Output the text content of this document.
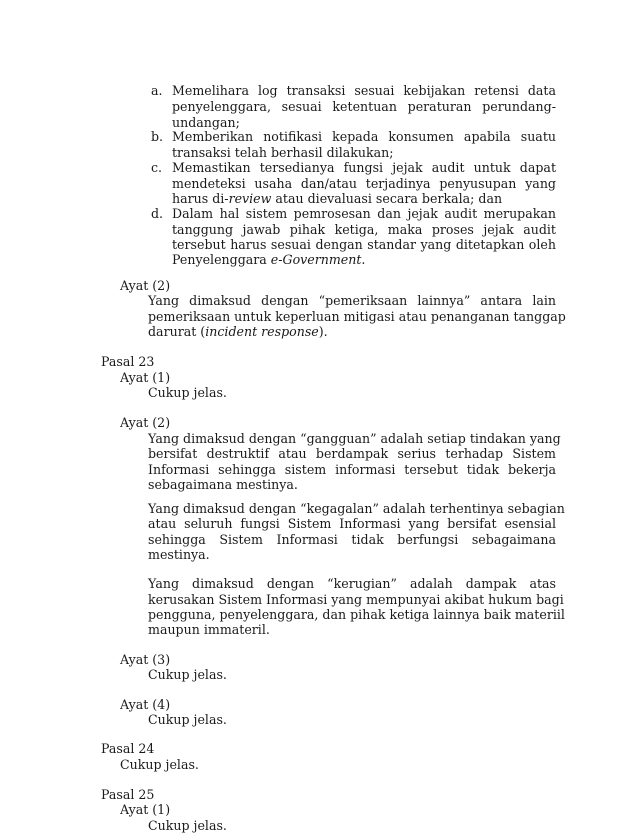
a. Memelihara log transaksi sesuai kebijakan retensi data
penyelenggara, sesuai ketentuan peraturan perundang-
undangan;
b. Memberikan notifikasi kepada konsumen apabila suatu
transaksi telah berhasil dilakukan;
c. Memastikan tersedianya fungsi jejak audit untuk dapat
mendeteksi usaha dan/atau terjadinya penyusupan yang
harus di-review atau dievaluasi secara berkala; dan
d. Dalam hal sistem pemrosesan dan jejak audit merupakan
tanggung jawab pihak ketiga, maka proses jejak audit
tersebut harus sesuai dengan standar yang ditetapkan oleh
Penyelenggara e-Government.
Ayat (2)
Yang dimaksud dengan “pemeriksaan lainnya” antara lain
pemeriksaan untuk keperluan mitigasi atau penanganan tanggap
darurat (incident response).
Pasal 23
Ayat (1)
Cukup jelas.
Ayat (2)
Yang dimaksud dengan “gangguan” adalah setiap tindakan yang
bersifat destruktif atau berdampak serius terhadap Sistem
Informasi sehingga sistem informasi tersebut tidak bekerja
sebagaimana mestinya.
Yang dimaksud dengan “kegagalan” adalah terhentinya sebagian
atau seluruh fungsi Sistem Informasi yang bersifat esensial
sehingga Sistem Informasi tidak berfungsi sebagaimana
mestinya.
Yang dimaksud dengan “kerugian” adalah dampak atas
kerusakan Sistem Informasi yang mempunyai akibat hukum bagi
pengguna, penyelenggara, dan pihak ketiga lainnya baik materiil
maupun immateril.
Ayat (3)
Cukup jelas.
Ayat (4)
Cukup jelas.
Pasal 24
Cukup jelas.
Pasal 25
Ayat (1)
Cukup jelas.
